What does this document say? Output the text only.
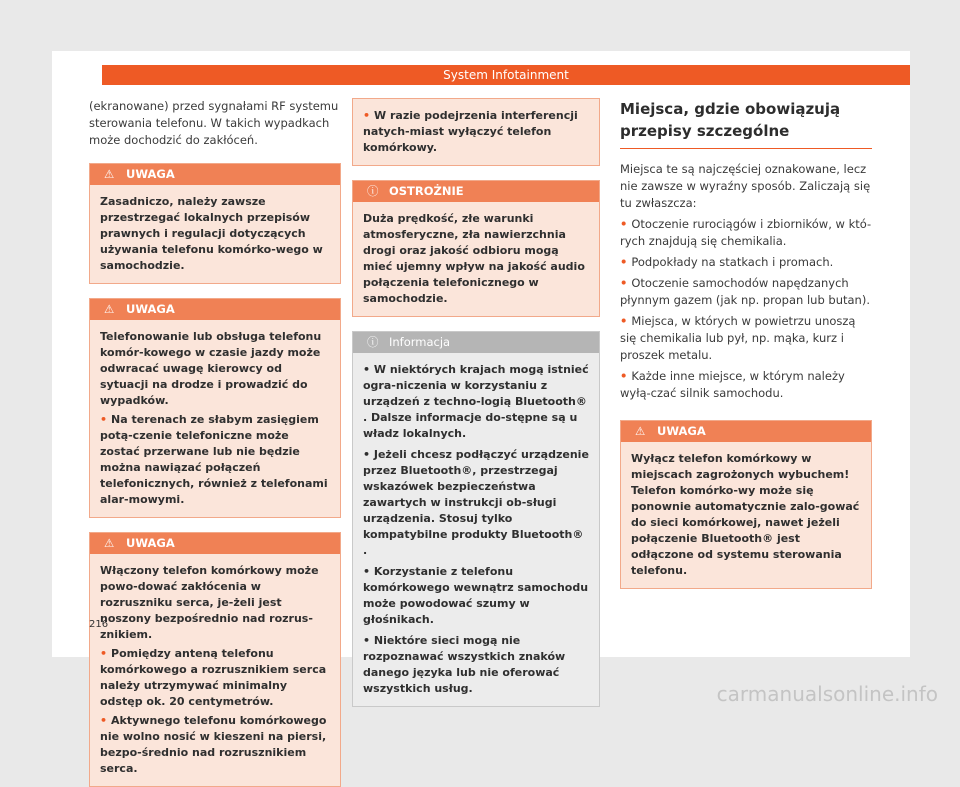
System Infotainment

(ekranowane) przed sygnałami RF systemu sterowania telefonu. W takich wypadkach może dochodzić do zakłóceń.

⚠ UWAGA

Zasadniczo, należy zawsze przestrzegać lokalnych przepisów prawnych i regulacji dotyczących używania telefonu komórko-wego w samochodzie.

⚠ UWAGA

Telefonowanie lub obsługa telefonu komór-kowego w czasie jazdy może odwracać uwagę kierowcy od sytuacji na drodze i prowadzić do wypadków.

• Na terenach ze słabym zasięgiem potą-czenie telefoniczne może zostać przerwane lub nie będzie można nawiązać połączeń telefonicznych, również z telefonami alar-mowymi.

⚠ UWAGA

Włączony telefon komórkowy może powo-dować zakłócenia w rozruszniku serca, je-żeli jest noszony bezpośrednio nad rozrus-znikiem.

• Pomiędzy anteną telefonu komórkowego a rozrusznikiem serca należy utrzymywać minimalny odstęp ok. 20 centymetrów.

• Aktywnego telefonu komórkowego nie wolno nosić w kieszeni na piersi, bezpo-średnio nad rozrusznikiem serca.

• W razie podejrzenia interferencji natych-miast wyłączyć telefon komórkowy.

ⓘ OSTROŻNIE

Duża prędkość, złe warunki atmosferyczne, zła nawierzchnia drogi oraz jakość odbioru mogą mieć ujemny wpływ na jakość audio połączenia telefonicznego w samochodzie.

ⓘ Informacja

• W niektórych krajach mogą istnieć ogra-niczenia w korzystaniu z urządzeń z techno-logią Bluetooth® . Dalsze informacje do-stępne są u władz lokalnych.

• Jeżeli chcesz podłączyć urządzenie przez Bluetooth®, przestrzegaj wskazówek bezpieczeństwa zawartych w instrukcji ob-sługi urządzenia. Stosuj tylko kompatybilne produkty Bluetooth® .

• Korzystanie z telefonu komórkowego wewnątrz samochodu może powodować szumy w głośnikach.

• Niektóre sieci mogą nie rozpoznawać wszystkich znaków danego języka lub nie oferować wszystkich usług.

Miejsca, gdzie obowiązują przepisy szczególne

Miejsca te są najczęściej oznakowane, lecz nie zawsze w wyraźny sposób. Zaliczają się tu zwłaszcza:

• Otoczenie rurociągów i zbiorników, w któ-rych znajdują się chemikalia.

• Podpokłady na statkach i promach.

• Otoczenie samochodów napędzanych płynnym gazem (jak np. propan lub butan).

• Miejsca, w których w powietrzu unoszą się chemikalia lub pył, np. mąka, kurz i proszek metalu.

• Każde inne miejsce, w którym należy wyłą-czać silnik samochodu.

⚠ UWAGA

Wyłącz telefon komórkowy w miejscach zagrożonych wybuchem! Telefon komórko-wy może się ponownie automatycznie zalo-gować do sieci komórkowej, nawet jeżeli połączenie Bluetooth® jest odłączone od systemu sterowania telefonu.

216
carmanualsonline.info
